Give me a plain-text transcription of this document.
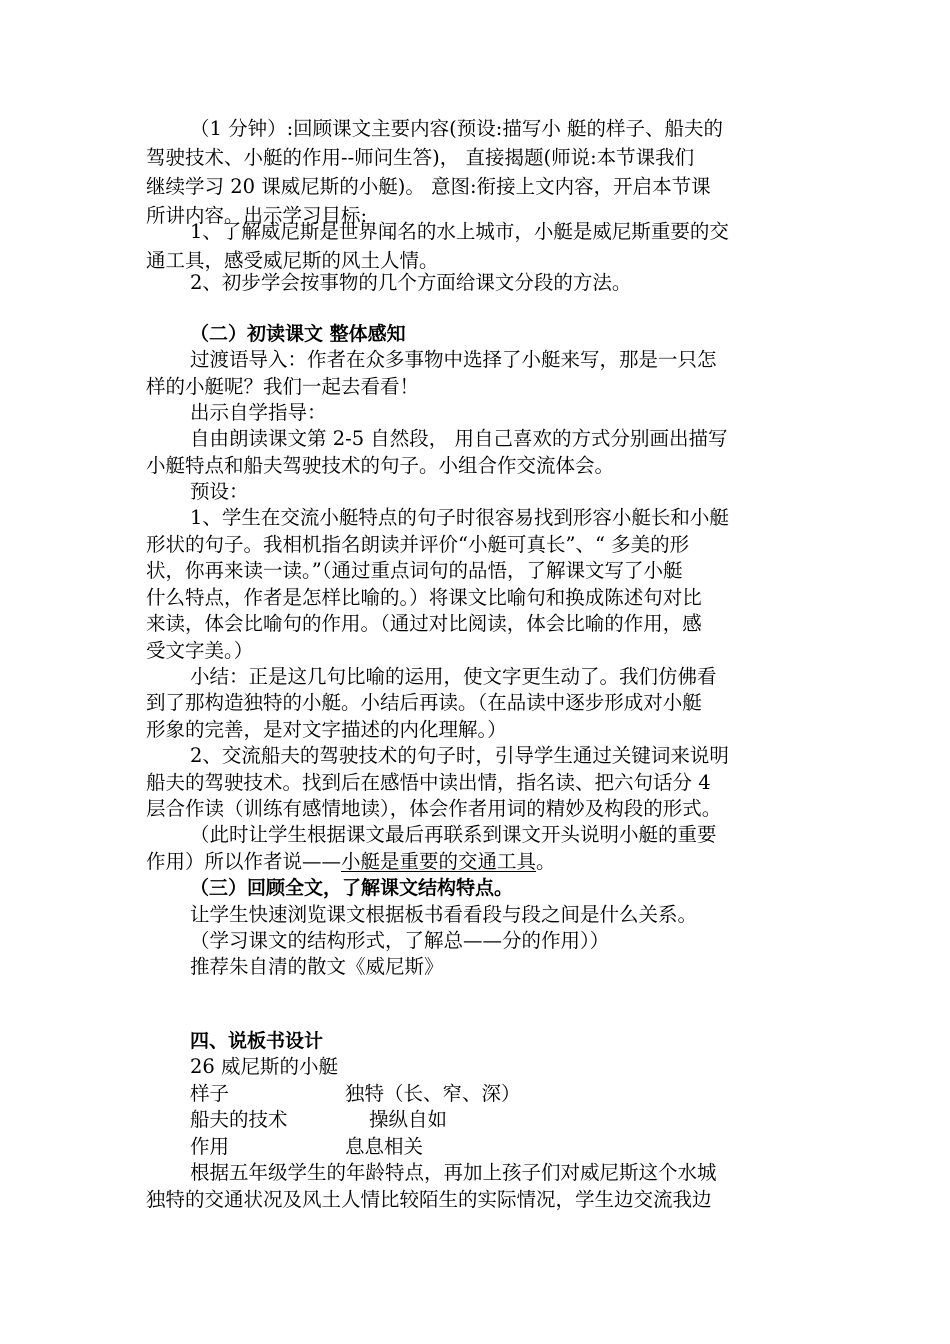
（1 分钟）:回顾课文主要内容(预设:描写小 艇的样子、船夫的
驾驶技术、小艇的作用--师问生答)， 直接揭题(师说:本节课我们
继续学习 20 课威尼斯的小艇)。 意图:衔接上文内容，开启本节课
所讲内容。出示学习目标:
1、了解威尼斯是世界闻名的水上城市，小艇是威尼斯重要的交
通工具，感受威尼斯的风土人情。
2、初步学会按事物的几个方面给课文分段的方法。
（二）初读课文 整体感知
过渡语导入：作者在众多事物中选择了小艇来写，那是一只怎
样的小艇呢？我们一起去看看！
出示自学指导：
自由朗读课文第 2-5 自然段， 用自己喜欢的方式分别画出描写
小艇特点和船夫驾驶技术的句子。小组合作交流体会。
预设：
1、学生在交流小艇特点的句子时很容易找到形容小艇长和小艇
形状的句子。我相机指名朗读并评价“小艇可真长”、“ 多美的形
状，你再来读一读。”（通过重点词句的品悟，了解课文写了小艇
什么特点，作者是怎样比喻的。）将课文比喻句和换成陈述句对比
来读，体会比喻句的作用。（通过对比阅读，体会比喻的作用，感
受文字美。）
小结：正是这几句比喻的运用，使文字更生动了。我们仿佛看
到了那构造独特的小艇。小结后再读。（在品读中逐步形成对小艇
形象的完善，是对文字描述的内化理解。）
2、交流船夫的驾驶技术的句子时，引导学生通过关键词来说明
船夫的驾驶技术。找到后在感悟中读出情，指名读、把六句话分 4
层合作读（训练有感情地读），体会作者用词的精妙及构段的形式。
（此时让学生根据课文最后再联系到课文开头说明小艇的重要
作用）所以作者说——小艇是重要的交通工具。
（三）回顾全文，了解课文结构特点。
让学生快速浏览课文根据板书看看段与段之间是什么关系。
（学习课文的结构形式，了解总——分的作用））
推荐朱自清的散文《威尼斯》
四、说板书设计
26 威尼斯的小艇
样子	独特（长、窄、深）
船夫的技术	操纵自如
作用	息息相关
根据五年级学生的年龄特点，再加上孩子们对威尼斯这个水城
独特的交通状况及风土人情比较陌生的实际情况，学生边交流我边
